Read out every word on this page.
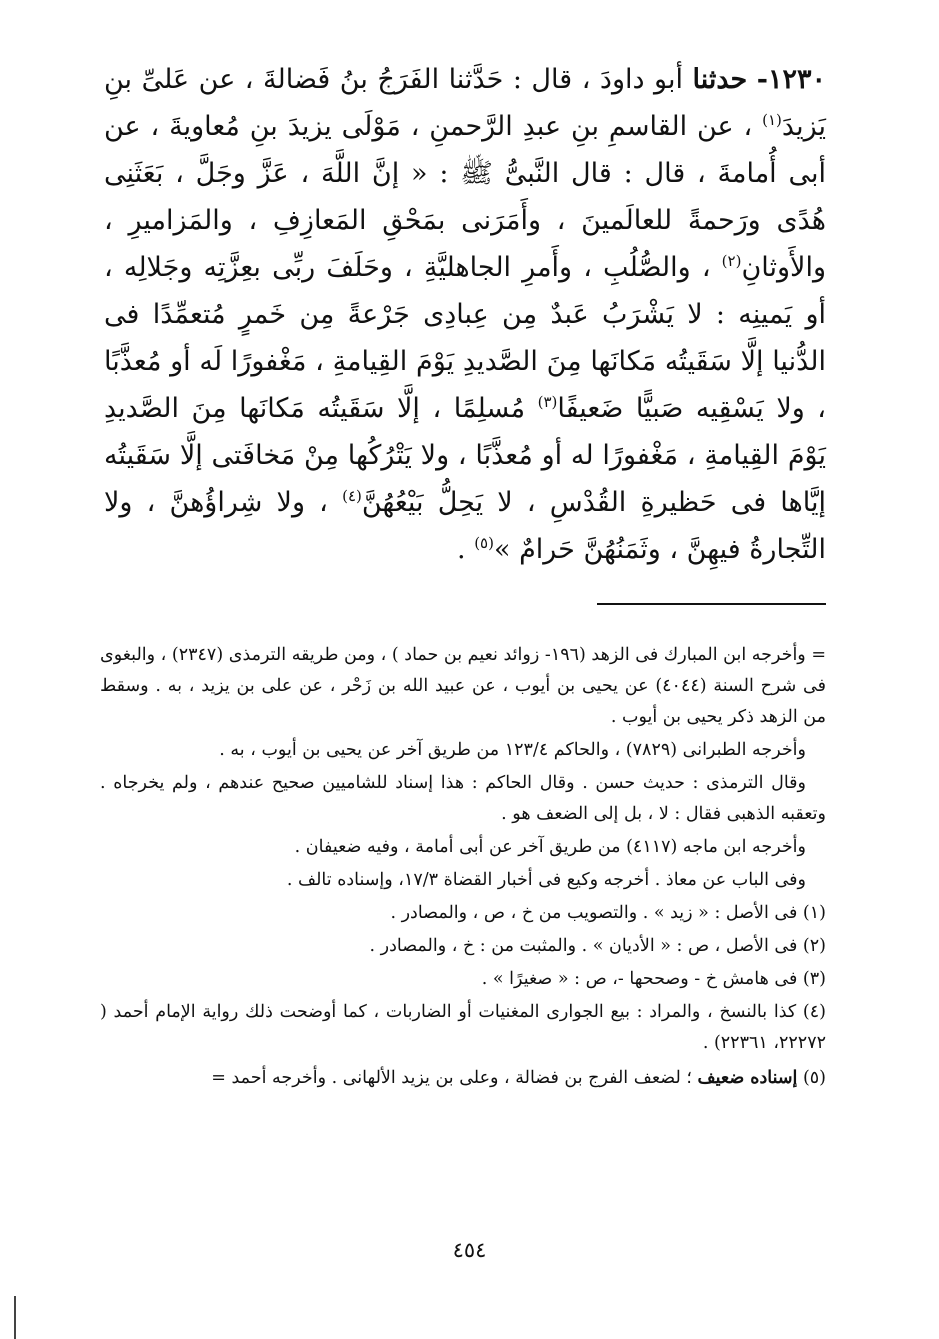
١٢٣٠- حدثنا أبو داودَ ، قال : حَدَّثنا الفَرَجُ بنُ فَضالةَ ، عن عَلىِّ بنِ يَزيدَ$^{(١)}$ ، عن القاسمِ بنِ عبدِ الرَّحمنِ ، مَوْلَى يزيدَ بنِ مُعاويةَ ، عن أبى أُمامةَ ، قال : قال النَّبىُّ ﷺ : « إنَّ اللَّهَ ، عَزَّ وجَلَّ ، بَعَثَنِى هُدًى ورَحمةً للعالَمينَ ، وأَمَرَنى بمَحْقِ المَعازِفِ ، والمَزاميرِ ، والأَوثانِ$^{(٢)}$ ، والصُّلُبِ ، وأَمرِ الجاهليَّةِ ، وحَلَفَ ربِّى بعِزَّتِه وجَلالِه ، أو يَمينِه : لا يَشْرَبُ عَبدٌ مِن عِبادِى جَرْعةً مِن خَمرٍ مُتعمِّدًا فى الدُّنيا إلَّا سَقَيتُه مَكانَها مِنَ الصَّديدِ يَوْمَ القِيامةِ ، مَغْفورًا لَه أو مُعذَّبًا ، ولا يَسْقِيه صَبيًّا ضَعيفًا$^{(٣)}$ مُسلِمًا ، إلَّا سَقَيتُه مَكانَها مِنَ الصَّديدِ يَوْمَ القِيامةِ ، مَغْفورًا له أو مُعذَّبًا ، ولا يَتْرُكُها مِنْ مَخافَتى إلَّا سَقَيتُه إيَّاها فى حَظيرةِ القُدْسِ ، لا يَحِلُّ بَيْعُهُنَّ$^{(٤)}$ ، ولا شِراؤُهنَّ ، ولا التِّجارةُ فيهِنَّ ، وثَمَنُهُنَّ حَرامٌ »$^{(٥)}$ .

= وأخرجه ابن المبارك فى الزهد (١٩٦- زوائد نعيم بن حماد ) ، ومن طريقه الترمذى (٢٣٤٧) ، والبغوى فى شرح السنة (٤٠٤٤) عن يحيى بن أيوب ، عن عبيد الله بن زَحْر ، عن على بن يزيد ، به . وسقط من الزهد ذكر يحيى بن أيوب .

وأخرجه الطبرانى (٧٨٢٩) ، والحاكم ١٢٣/٤ من طريق آخر عن يحيى بن أيوب ، به .

وقال الترمذى : حديث حسن . وقال الحاكم : هذا إسناد للشاميين صحيح عندهم ، ولم يخرجاه . وتعقبه الذهبى فقال : لا ، بل إلى الضعف هو .

وأخرجه ابن ماجه (٤١١٧) من طريق آخر عن أبى أمامة ، وفيه ضعيفان .

وفى الباب عن معاذ . أخرجه وكيع فى أخبار القضاة ١٧/٣، وإسناده تالف .

(١) فى الأصل : « زيد » . والتصويب من خ ، ص ، والمصادر .

(٢) فى الأصل ، ص : « الأديان » . والمثبت من : خ ، والمصادر .

(٣) فى هامش خ - وصححها -، ص : « صغيرًا » .

(٤) كذا بالنسخ ، والمراد : بيع الجوارى المغنيات أو الضاربات ، كما أوضحت ذلك رواية الإمام أحمد ( ٢٢٢٧٢، ٢٢٣٦١) .

(٥) إسناده ضعيف ؛ لضعف الفرج بن فضالة ، وعلى بن يزيد الألهانى . وأخرجه أحمد =

٤٥٤
